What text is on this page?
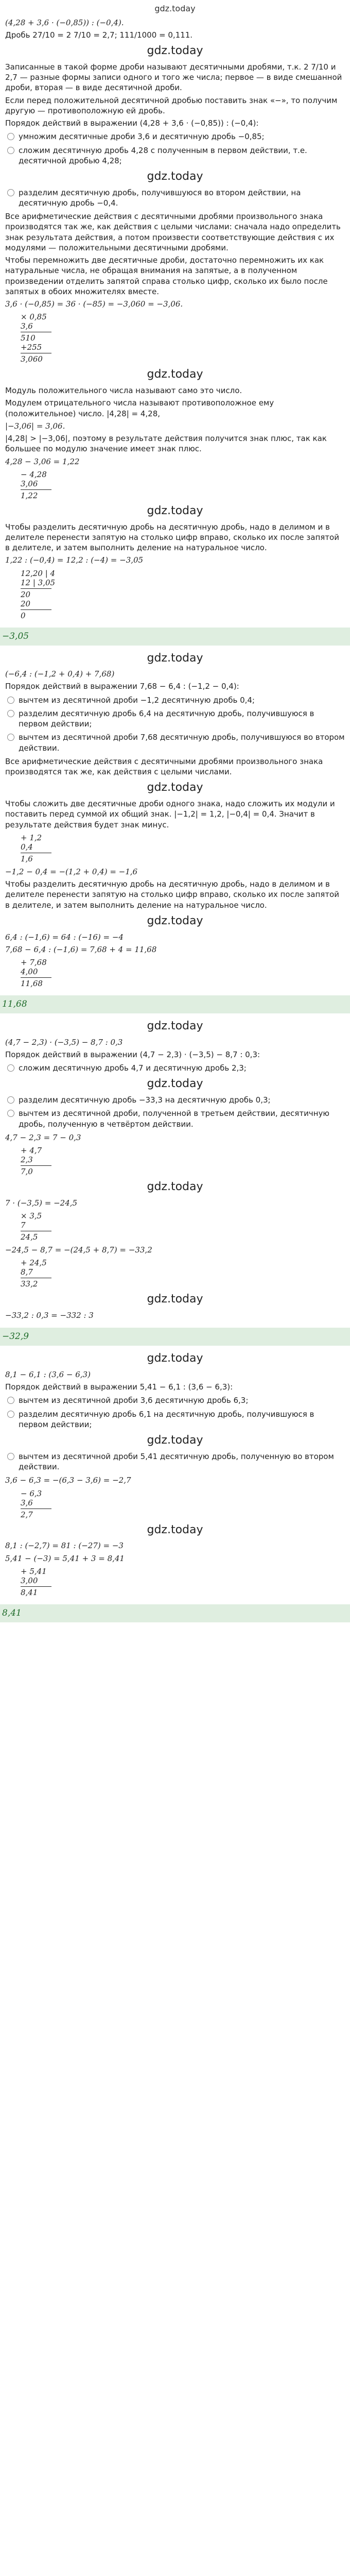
gdz.today

(4,28 + 3,6 · (−0,85)) : (−0,4).

Дробь 27/10 = 2 7/10 = 2,7; 111/1000 = 0,111.

gdz.today

Записанные в такой форме дроби называют десятичными дробями, т.к. 2 7/10 и 2,7 — разные формы записи одного и того же числа; первое — в виде смешанной дроби, вторая — в виде десятичной дроби.

Если перед положительной десятичной дробью поставить знак «−», то получим другую — противоположную ей дробь.

Порядок действий в выражении (4,28 + 3,6 · (−0,85)) : (−0,4):

умножим десятичные дроби 3,6 и десятичную дробь −0,85;
сложим десятичную дробь 4,28 с полученным в первом действии, т.е. десятичной дробью 4,28;
gdz.today
разделим десятичную дробь, получившуюся во втором действии, на десятичную дробь −0,4.

Все арифметические действия с десятичными дробями произвольного знака производятся так же, как действия с целыми числами: сначала надо определить знак результата действия, а потом произвести соответствующие действия с их модулями — положительными десятичными дробями.

Чтобы перемножить две десятичные дроби, достаточно перемножить их как натуральные числа, не обращая внимания на запятые, а в полученном произведении отделить запятой справа столько цифр, сколько их было после запятых в обоих множителях вместе.

3,6 · (−0,85) = 36 · (−85) = −3,060 = −3,06.

× 0,85
3,6
510
+255
3,060
gdz.today

Модуль положительного числа называют само это число.

Модулем отрицательного числа называют противоположное ему (положительное) число. |4,28| = 4,28,

|−3,06| = 3,06.

|4,28| > |−3,06|, поэтому в результате действия получится знак плюс, так как большее по модулю значение имеет знак плюс.

4,28 − 3,06 = 1,22

− 4,28
3,06
1,22
gdz.today

Чтобы разделить десятичную дробь на десятичную дробь, надо в делимом и в делителе перенести запятую на столько цифр вправо, сколько их после запятой в делителе, и затем выполнить деление на натуральное число.

1,22 : (−0,4) = 12,2 : (−4) = −3,05

12,20 | 4
12 | 3,05
20
20
0
−3,05
gdz.today

(−6,4 : (−1,2 + 0,4) + 7,68)

Порядок действий в выражении 7,68 − 6,4 : (−1,2 − 0,4):

вычтем из десятичной дроби −1,2 десятичную дробь 0,4;
разделим десятичную дробь 6,4 на десятичную дробь, получившуюся в первом действии;
вычтем из десятичной дроби 7,68 десятичную дробь, получившуюся во втором действии.

Все арифметические действия с десятичными дробями произвольного знака производятся так же, как действия с целыми числами.

gdz.today

Чтобы сложить две десятичные дроби одного знака, надо сложить их модули и поставить перед суммой их общий знак. |−1,2| = 1,2, |−0,4| = 0,4. Значит в результате действия будет знак минус.

+ 1,2
0,4
1,6

−1,2 − 0,4 = −(1,2 + 0,4) = −1,6

Чтобы разделить десятичную дробь на десятичную дробь, надо в делимом и в делителе перенести запятую на столько цифр вправо, сколько их после запятой в делителе, и затем выполнить деление на натуральное число.

gdz.today

6,4 : (−1,6) = 64 : (−16) = −4

7,68 − 6,4 : (−1,6) = 7,68 + 4 = 11,68

+ 7,68
4,00
11,68
11,68
gdz.today

(4,7 − 2,3) · (−3,5) − 8,7 : 0,3

Порядок действий в выражении (4,7 − 2,3) · (−3,5) − 8,7 : 0,3:

сложим десятичную дробь 4,7 и десятичную дробь 2,3;
gdz.today
разделим десятичную дробь −33,3 на десятичную дробь 0,3;
вычтем из десятичной дроби, полученной в третьем действии, десятичную дробь, полученную в четвёртом действии.

4,7 − 2,3 = 7 − 0,3

+ 4,7
2,3
7,0
gdz.today

7 · (−3,5) = −24,5

× 3,5
7
24,5

−24,5 − 8,7 = −(24,5 + 8,7) = −33,2

+ 24,5
8,7
33,2
gdz.today

−33,2 : 0,3 = −332 : 3

−32,9
gdz.today

8,1 − 6,1 : (3,6 − 6,3)

Порядок действий в выражении 5,41 − 6,1 : (3,6 − 6,3):

вычтем из десятичной дроби 3,6 десятичную дробь 6,3;
разделим десятичную дробь 6,1 на десятичную дробь, получившуюся в первом действии;
gdz.today
вычтем из десятичной дроби 5,41 десятичную дробь, полученную во втором действии.

3,6 − 6,3 = −(6,3 − 3,6) = −2,7

− 6,3
3,6
2,7
gdz.today

8,1 : (−2,7) = 81 : (−27) = −3

5,41 − (−3) = 5,41 + 3 = 8,41

+ 5,41
3,00
8,41
8,41
